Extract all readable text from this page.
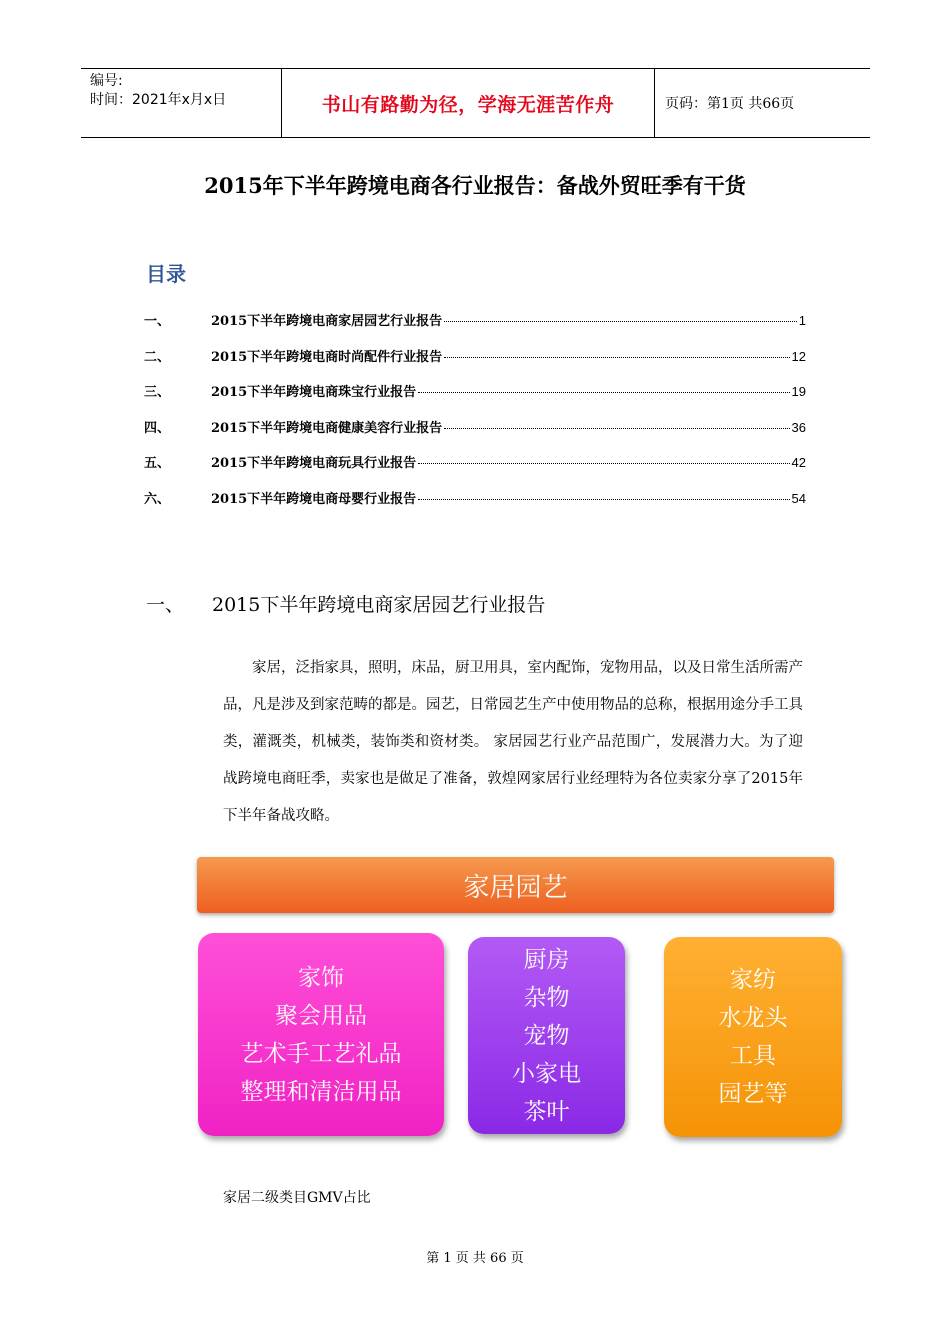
编号:
时间：2021年x月x日	书山有路勤为径，学海无涯苦作舟	页码：第1页 共66页
2015年下半年跨境电商各行业报告：备战外贸旺季有干货
目录
一、	2015下半年跨境电商家居园艺行业报告	1
二、	2015下半年跨境电商时尚配件行业报告	12
三、	2015下半年跨境电商珠宝行业报告	19
四、	2015下半年跨境电商健康美容行业报告	36
五、	2015下半年跨境电商玩具行业报告	42
六、	2015下半年跨境电商母婴行业报告	54
一、	2015下半年跨境电商家居园艺行业报告
家居，泛指家具，照明，床品，厨卫用具，室内配饰，宠物用品，以及日常生活所需产品，凡是涉及到家范畴的都是。园艺，日常园艺生产中使用物品的总称，根据用途分手工具类，灌溉类，机械类，装饰类和资材类。 家居园艺行业产品范围广，发展潜力大。为了迎战跨境电商旺季，卖家也是做足了准备，敦煌网家居行业经理特为各位卖家分享了2015年下半年备战攻略。
家居园艺
家饰
聚会用品
艺术手工艺礼品
整理和清洁用品
厨房
杂物
宠物
小家电
茶叶
家纺
水龙头
工具
园艺等
家居二级类目GMV占比
第 1 页 共 66 页
